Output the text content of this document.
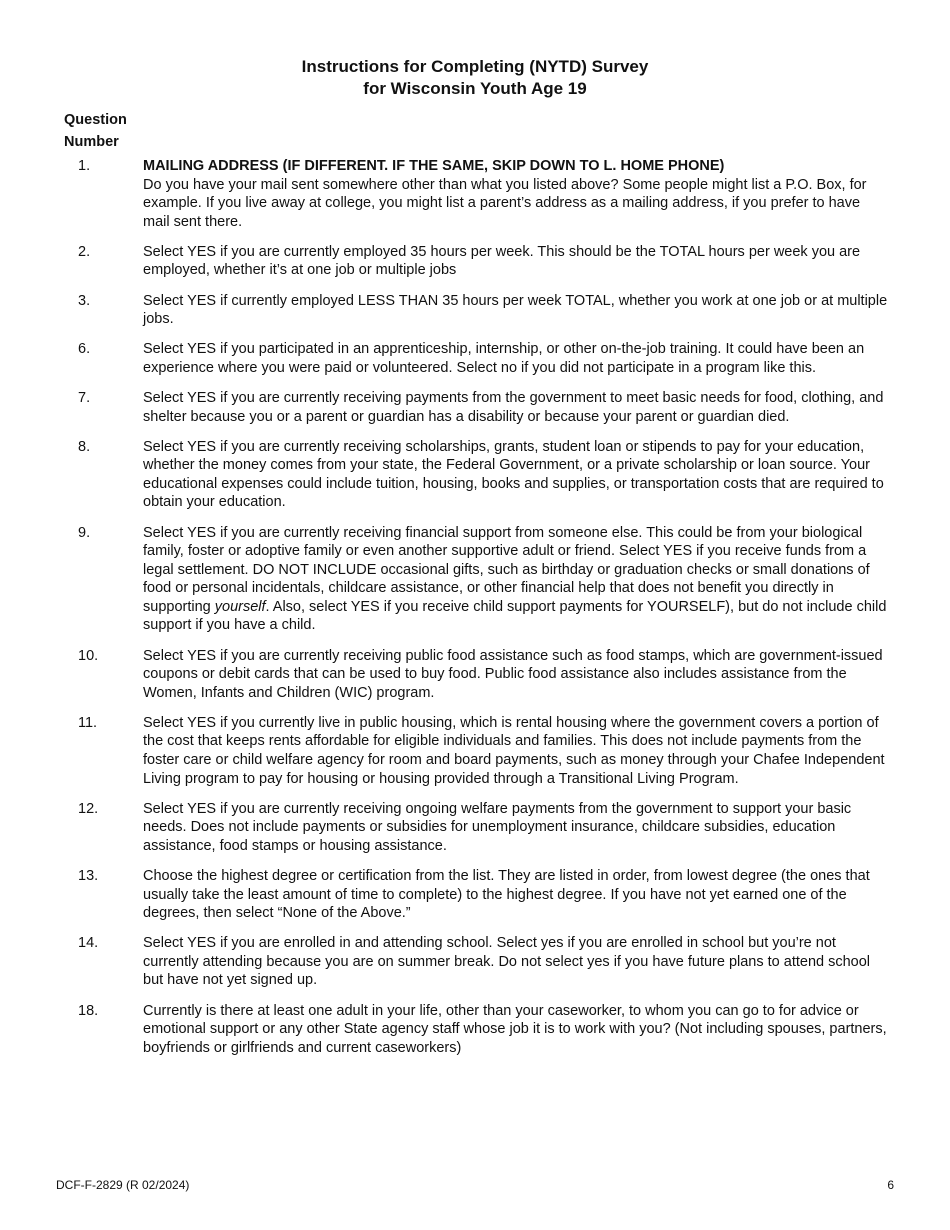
Instructions for Completing (NYTD) Survey
for Wisconsin Youth Age 19
Question
Number
1.	MAILING ADDRESS (IF DIFFERENT. IF THE SAME, SKIP DOWN TO L. HOME PHONE)
Do you have your mail sent somewhere other than what you listed above? Some people might list a P.O. Box, for example. If you live away at college, you might list a parent’s address as a mailing address, if you prefer to have mail sent there.
2.	Select YES if you are currently employed 35 hours per week. This should be the TOTAL hours per week you are employed, whether it’s at one job or multiple jobs
3.	Select YES if currently employed LESS THAN 35 hours per week TOTAL, whether you work at one job or at multiple jobs.
6.	Select YES if you participated in an apprenticeship, internship, or other on-the-job training. It could have been an experience where you were paid or volunteered. Select no if you did not participate in a program like this.
7.	Select YES if you are currently receiving payments from the government to meet basic needs for food, clothing, and shelter because you or a parent or guardian has a disability or because your parent or guardian died.
8.	Select YES if you are currently receiving scholarships, grants, student loan or stipends to pay for your education, whether the money comes from your state, the Federal Government, or a private scholarship or loan source. Your educational expenses could include tuition, housing, books and supplies, or transportation costs that are required to obtain your education.
9.	Select YES if you are currently receiving financial support from someone else. This could be from your biological family, foster or adoptive family or even another supportive adult or friend. Select YES if you receive funds from a legal settlement. DO NOT INCLUDE occasional gifts, such as birthday or graduation checks or small donations of food or personal incidentals, childcare assistance, or other financial help that does not benefit you directly in supporting yourself. Also, select YES if you receive child support payments for YOURSELF), but do not include child support if you have a child.
10.	Select YES if you are currently receiving public food assistance such as food stamps, which are government-issued coupons or debit cards that can be used to buy food. Public food assistance also includes assistance from the Women, Infants and Children (WIC) program.
11.	Select YES if you currently live in public housing, which is rental housing where the government covers a portion of the cost that keeps rents affordable for eligible individuals and families. This does not include payments from the foster care or child welfare agency for room and board payments, such as money through your Chafee Independent Living program to pay for housing or housing provided through a Transitional Living Program.
12.	Select YES if you are currently receiving ongoing welfare payments from the government to support your basic needs. Does not include payments or subsidies for unemployment insurance, childcare subsidies, education assistance, food stamps or housing assistance.
13.	Choose the highest degree or certification from the list. They are listed in order, from lowest degree (the ones that usually take the least amount of time to complete) to the highest degree. If you have not yet earned one of the degrees, then select “None of the Above.”
14.	Select YES if you are enrolled in and attending school. Select yes if you are enrolled in school but you’re not currently attending because you are on summer break. Do not select yes if you have future plans to attend school but have not yet signed up.
18.	Currently is there at least one adult in your life, other than your caseworker, to whom you can go to for advice or emotional support or any other State agency staff whose job it is to work with you? (Not including spouses, partners, boyfriends or girlfriends and current caseworkers)
DCF-F-2829 (R 02/2024)	6
